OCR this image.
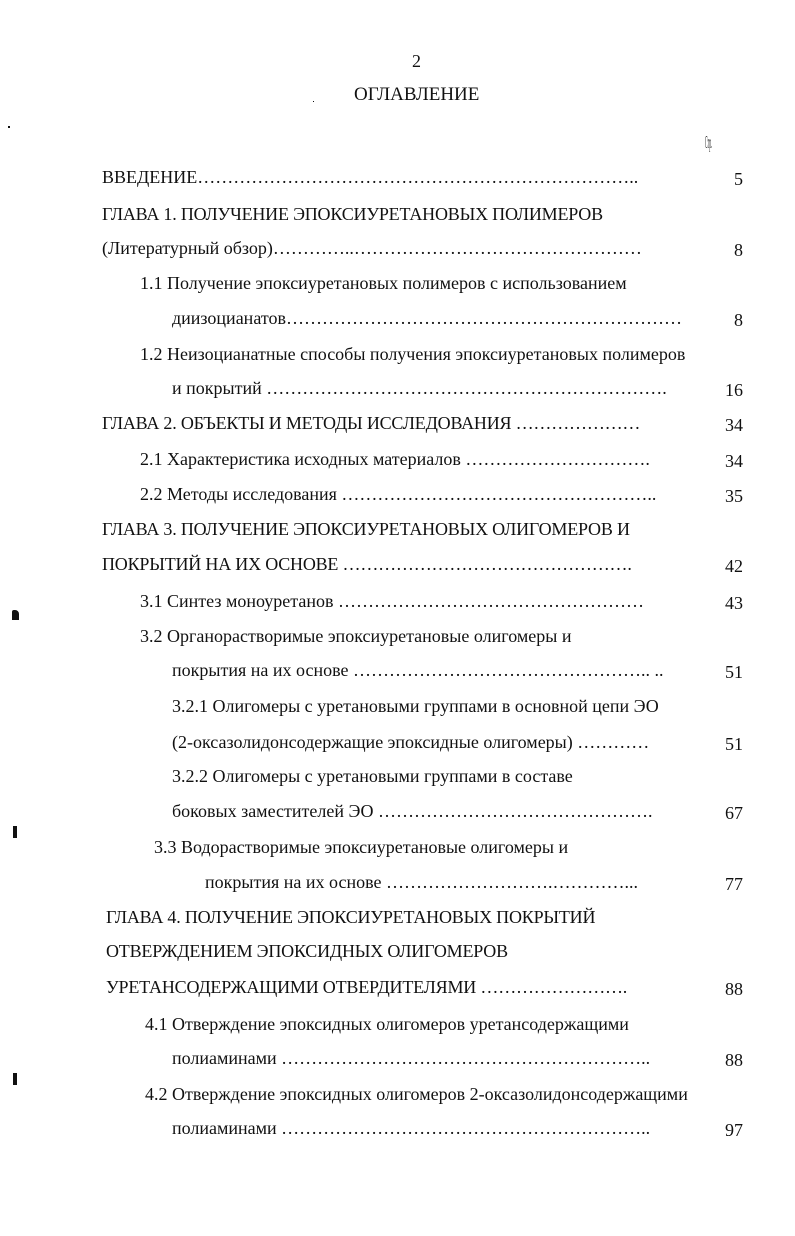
2
ОГЛАВЛЕНИЕ
Стр.
ВВЕДЕНИЕ………………………………………………………………..	5
ГЛАВА 1. ПОЛУЧЕНИЕ ЭПОКСИУРЕТАНОВЫХ ПОЛИМЕРОВ
(Литературный обзор)…………..…………………………………………	8
1.1 Получение эпоксиуретановых полимеров с использованием
диизоцианатов…………………………………………………………	8
1.2 Неизоцианатные способы получения эпоксиуретановых полимеров
и покрытий ………………………………………………………….	16
ГЛАВА 2. ОБЪЕКТЫ И МЕТОДЫ ИССЛЕДОВАНИЯ …………………	34
2.1 Характеристика исходных материалов ………………………….	34
2.2 Методы исследования ……………………………………………..	35
ГЛАВА 3. ПОЛУЧЕНИЕ ЭПОКСИУРЕТАНОВЫХ ОЛИГОМЕРОВ И
ПОКРЫТИЙ НА ИХ ОСНОВЕ ………………………………………….	42
3.1 Синтез моноуретанов ……………………………………………	43
3.2 Органорастворимые эпоксиуретановые олигомеры и
покрытия на их основе ………………………………………….. ..	51
3.2.1 Олигомеры с уретановыми группами в основной цепи ЭО
(2-оксазолидонсодержащие эпоксидные олигомеры) …………	51
3.2.2 Олигомеры с уретановыми группами в составе
боковых заместителей ЭО ……………………………………….	67
3.3 Водорастворимые эпоксиуретановые олигомеры и
покрытия на их основе ……………………….…………...	77
ГЛАВА 4. ПОЛУЧЕНИЕ ЭПОКСИУРЕТАНОВЫХ ПОКРЫТИЙ
ОТВЕРЖДЕНИЕМ ЭПОКСИДНЫХ ОЛИГОМЕРОВ
УРЕТАНСОДЕРЖАЩИМИ ОТВЕРДИТЕЛЯМИ …………………….	88
4.1 Отверждение эпоксидных олигомеров уретансодержащими
полиаминами ……………………………………………………..	88
4.2 Отверждение эпоксидных олигомеров 2-оксазолидонсодержащими
полиаминами ……………………………………………………..	97
